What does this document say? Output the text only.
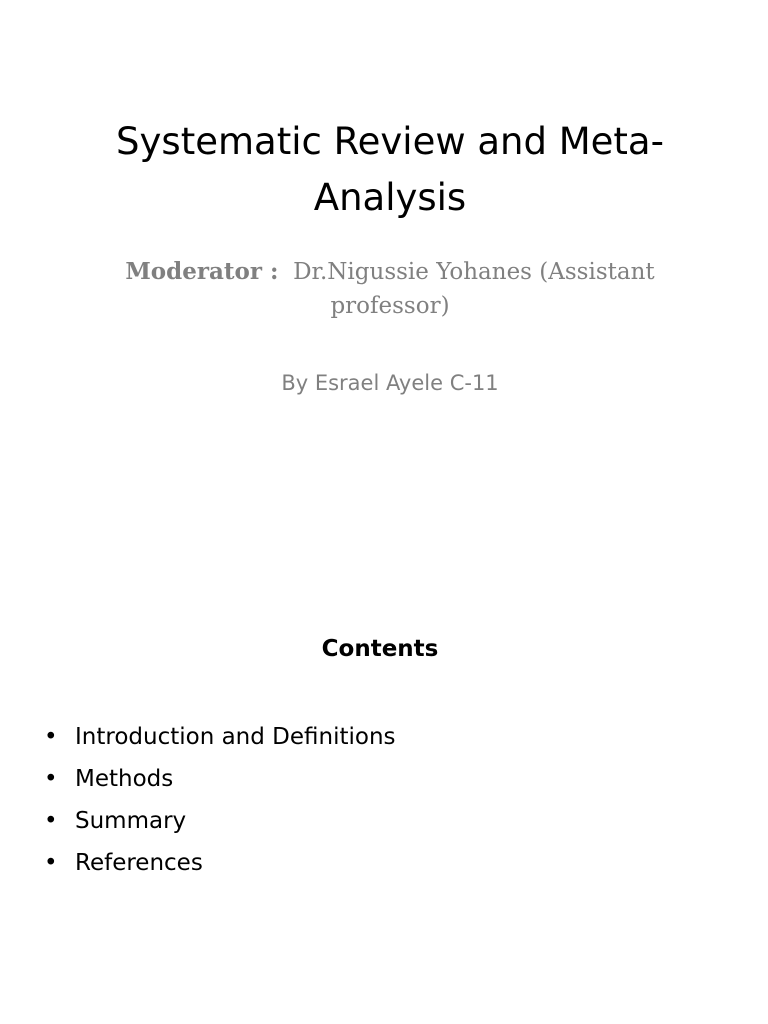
Systematic Review and Meta-Analysis
Moderator : Dr.Nigussie Yohanes (Assistant professor)
By Esrael Ayele C-11
Contents
• Introduction and Definitions
• Methods
• Summary
• References
